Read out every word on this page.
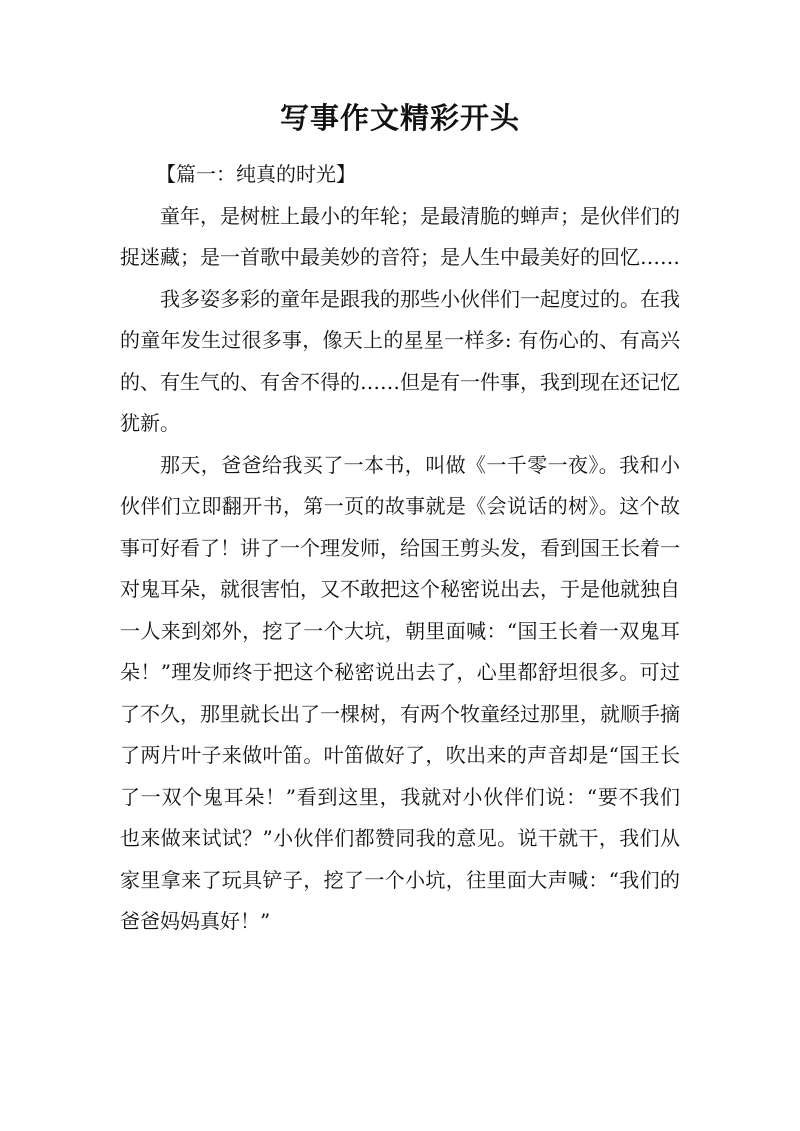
写事作文精彩开头

【篇一：纯真的时光】

童年，是树桩上最小的年轮；是最清脆的蝉声；是伙伴们的捉迷藏；是一首歌中最美妙的音符；是人生中最美好的回忆……

我多姿多彩的童年是跟我的那些小伙伴们一起度过的。在我的童年发生过很多事，像天上的星星一样多: 有伤心的、有高兴的、有生气的、有舍不得的……但是有一件事，我到现在还记忆犹新。

那天，爸爸给我买了一本书，叫做《一千零一夜》。我和小伙伴们立即翻开书，第一页的故事就是《会说话的树》。这个故事可好看了！讲了一个理发师，给国王剪头发，看到国王长着一对鬼耳朵，就很害怕，又不敢把这个秘密说出去，于是他就独自一人来到郊外，挖了一个大坑，朝里面喊：“国王长着一双鬼耳朵！”理发师终于把这个秘密说出去了，心里都舒坦很多。可过了不久，那里就长出了一棵树，有两个牧童经过那里，就顺手摘了两片叶子来做叶笛。叶笛做好了，吹出来的声音却是“国王长了一双个鬼耳朵！”看到这里，我就对小伙伴们说：“要不我们也来做来试试？”小伙伴们都赞同我的意见。说干就干，我们从家里拿来了玩具铲子，挖了一个小坑，往里面大声喊：“我们的爸爸妈妈真好！”
